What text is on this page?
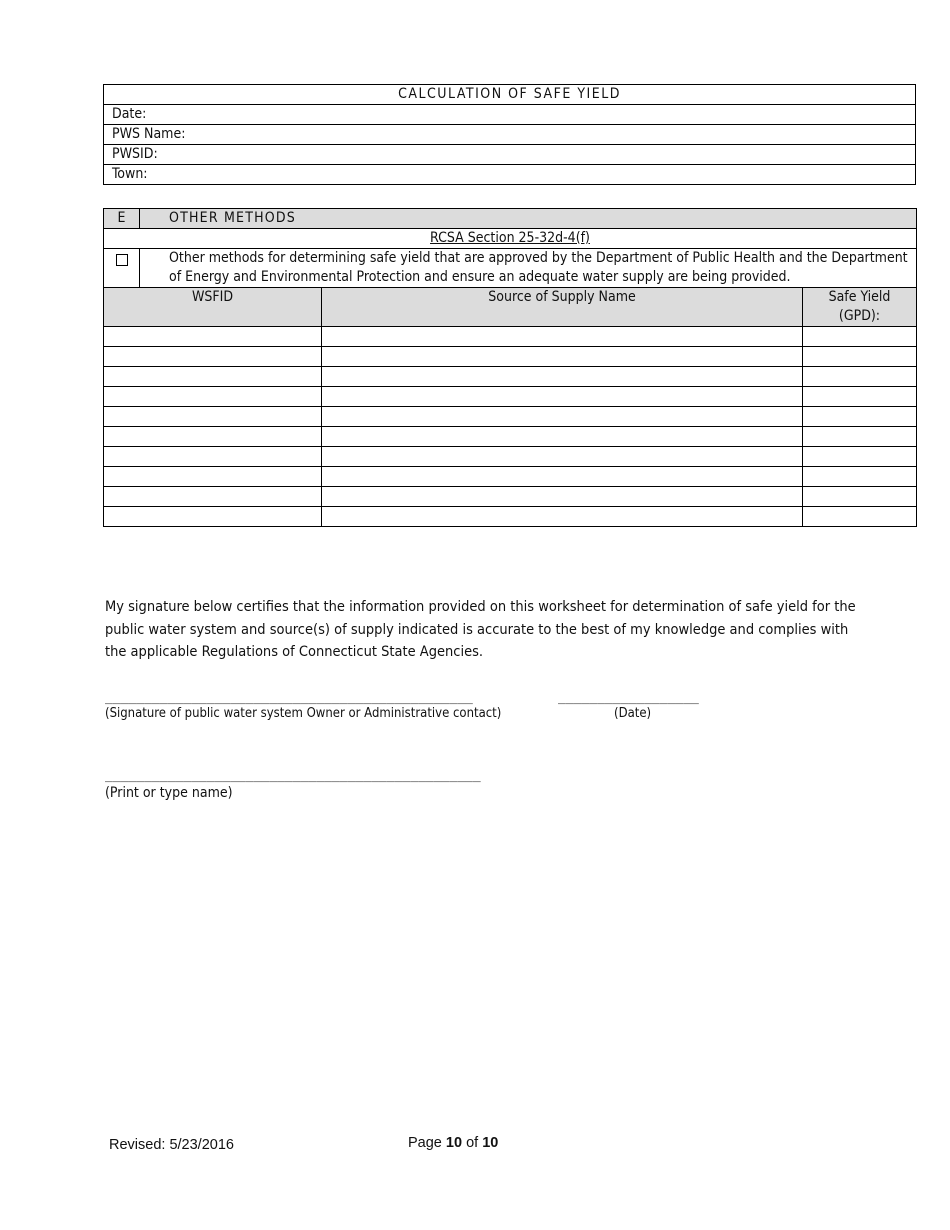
CALCULATION OF SAFE YIELD
Date:
PWS Name:
PWSID:
Town:
E	OTHER METHODS		
RCSA Section 25-32d-4(f)			
	Other methods for determining safe yield that are approved by the Department of Public Health and the Department of Energy and Environmental Protection and ensure an adequate water supply are being provided.		
WSFID		Source of Supply Name	Safe Yield
(GPD):

My signature below certifies that the information provided on this worksheet for determination of safe yield for the public water system and source(s) of supply indicated is accurate to the best of my knowledge and complies with the applicable Regulations of Connecticut State Agencies.
_______________________________________________	__________________
(Signature of public water system Owner or Administrative contact)	(Date)
________________________________________________
(Print or type name)
Revised: 5/23/2016	Page 10 of 10
